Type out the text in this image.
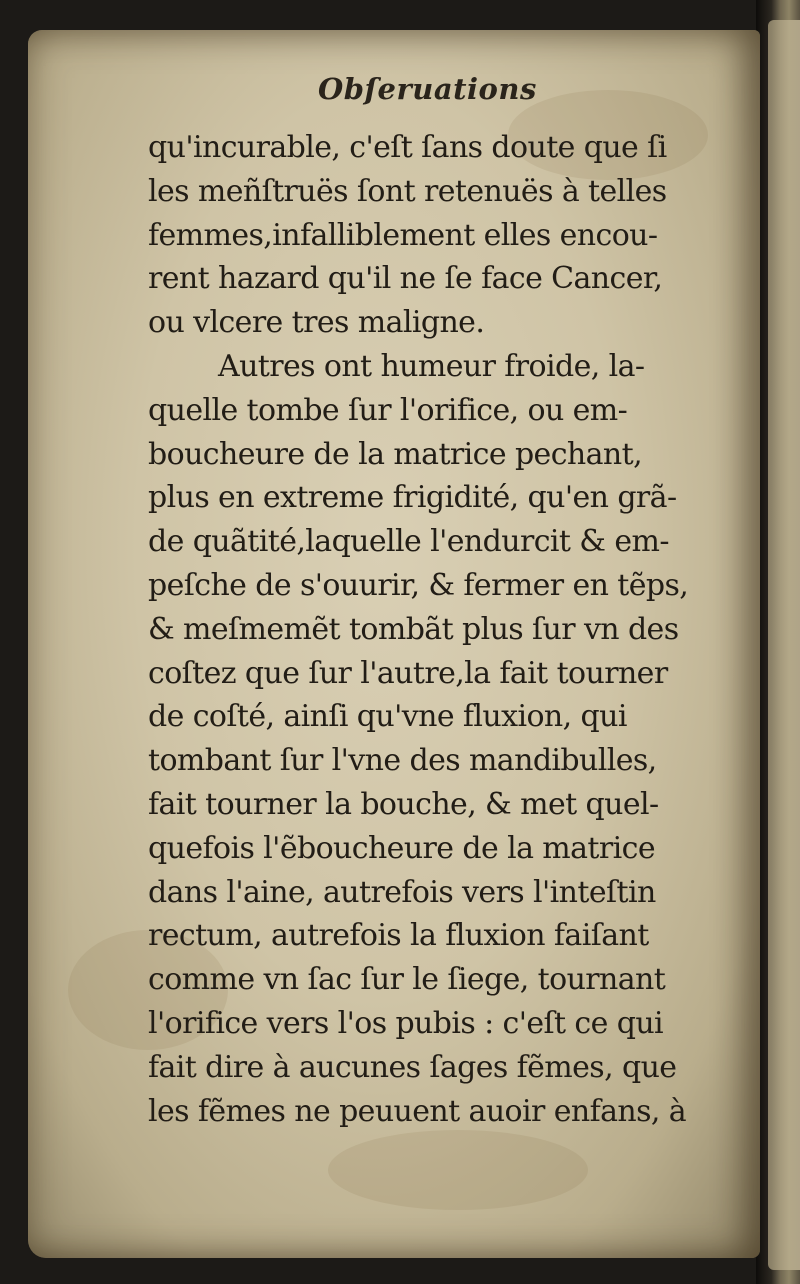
Obſeruations
qu'incurable, c'eſt ſans doute que ſi
les meñſtruës ſont retenuës à telles
femmes,infalliblement elles encou-
rent hazard qu'il ne ſe face Cancer,
ou vlcere tres maligne.
Autres ont humeur froide, la-
quelle tombe ſur l'orifice, ou em-
boucheure de la matrice pechant,
plus en extreme frigidité, qu'en grã-
de quãtité,laquelle l'endurcit & em-
peſche de s'ouurir, & fermer en tẽps,
& meſmemẽt tombãt plus ſur vn des
coſtez que ſur l'autre,la fait tourner
de coſté, ainſi qu'vne fluxion, qui
tombant ſur l'vne des mandibulles,
fait tourner la bouche, & met quel-
quefois l'ẽboucheure de la matrice
dans l'aine, autrefois vers l'inteſtin
rectum, autrefois la fluxion faiſant
comme vn ſac ſur le ſiege, tournant
l'orifice vers l'os pubis : c'eſt ce qui
fait dire à aucunes ſages fẽmes, que
les fẽmes ne peuuent auoir enfans, à
